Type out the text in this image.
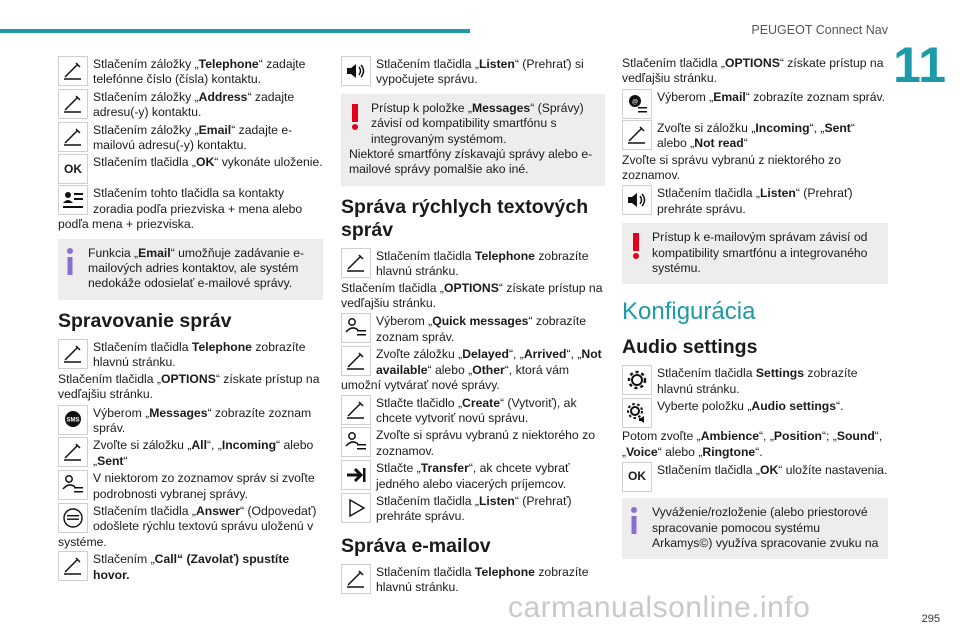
PEUGEOT Connect Nav
11
295
carmanualsonline.info
Stlačením záložky „Telephone“ zadajte telefónne číslo (čísla) kontaktu.
Stlačením záložky „Address“ zadajte adresu(-y) kontaktu.
Stlačením záložky „Email“ zadajte e-mailovú adresu(-y) kontaktu.
OK Stlačením tlačidla „OK“ vykonáte uloženie.
Stlačením tohto tlačidla sa kontakty zoradia podľa priezviska + mena alebo podľa mena + priezviska.
Funkcia „Email“ umožňuje zadávanie e-mailových adries kontaktov, ale systém nedokáže odosielať e-mailové správy.
Spravovanie správ
Stlačením tlačidla Telephone zobrazíte hlavnú stránku.

Stlačením tlačidla „OPTIONS“ získate prístup na vedľajšiu stránku.

Výberom „Messages“ zobrazíte zoznam správ.
Zvoľte si záložku „All“, „Incoming“ alebo „Sent“
V niektorom zo zoznamov správ si zvoľte podrobnosti vybranej správy.
Stlačením tlačidla „Answer“ (Odpovedať) odošlete rýchlu textovú správu uloženú v systéme.
Stlačením „Call“ (Zavolať) spustíte hovor.
Stlačením tlačidla „Listen“ (Prehrať) si vypočujete správu.
Prístup k položke „Messages“ (Správy) závisí od kompatibility smartfónu s integrovaným systémom.
Niektoré smartfóny získavajú správy alebo e-mailové správy pomalšie ako iné.
Správa rýchlych textových správ
Stlačením tlačidla Telephone zobrazíte hlavnú stránku.

Stlačením tlačidla „OPTIONS“ získate prístup na vedľajšiu stránku.

Výberom „Quick messages“ zobrazíte zoznam správ.
Zvoľte záložku „Delayed“, „Arrived“, „Not available“ alebo „Other“, ktorá vám umožní vytvárať nové správy.
Stlačte tlačidlo „Create“ (Vytvoriť), ak chcete vytvoriť novú správu.
Zvoľte si správu vybranú z niektorého zo zoznamov.
Stlačte „Transfer“, ak chcete vybrať jedného alebo viacerých príjemcov.
Stlačením tlačidla „Listen“ (Prehrať) prehráte správu.
Správa e-mailov
Stlačením tlačidla Telephone zobrazíte hlavnú stránku.

Stlačením tlačidla „OPTIONS“ získate prístup na vedľajšiu stránku.

Výberom „Email“ zobrazíte zoznam správ.
Zvoľte si záložku „Incoming“, „Sent“ alebo „Not read“

Zvoľte si správu vybranú z niektorého zo zoznamov.

Stlačením tlačidla „Listen“ (Prehrať) prehráte správu.
Prístup k e-mailovým správam závisí od kompatibility smartfónu a integrovaného systému.
Konfigurácia
Audio settings
Stlačením tlačidla Settings zobrazíte hlavnú stránku.
Vyberte položku „Audio settings“.

Potom zvoľte „Ambience“, „Position“; „Sound“, „Voice“ alebo „Ringtone“.

OK Stlačením tlačidla „OK“ uložíte nastavenia.
Vyváženie/rozloženie (alebo priestorové spracovanie pomocou systému Arkamys©) využíva spracovanie zvuku na
